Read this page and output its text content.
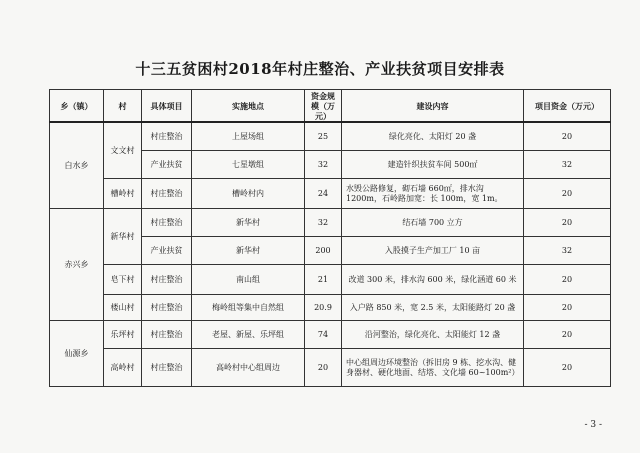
十三五贫困村2018年村庄整治、产业扶贫项目安排表
乡（镇）	村	具体项目	实施地点	资金规模（万元）	建设内容	项目资金（万元）
白水乡	文文村	村庄整治	上屋场组	25	绿化亮化、太阳灯 20 盏	20
		产业扶贫	七星墩组	32	建造针织扶贫车间 500㎡	32
	槽岭村	村庄整治	槽岭村内	24	水毁公路修复，砌石墙 660㎡，排水沟 1200m，石岭路加宽：长 100m，宽 1m。	20
赤兴乡	新华村	村庄整治	新华村	32	结石墙 700 立方	20
		产业扶贫	新华村	200	入股摸子生产加工厂 10 亩	32
	皂下村	村庄整治	南山组	21	改道 300 米，排水沟 600 米，绿化涵道 60 米	20
	楼山村	村庄整治	梅岭组等集中自然组	20.9	入户路 850 米，宽 2.5 米，太阳能路灯 20 盏	20
仙源乡	乐坪村	村庄整治	老屋、新屋、乐坪组	74	沿河整治，绿化亮化、太阳能灯 12 盏	20
	高岭村	村庄整治	高岭村中心组周边	20	中心组周边环境整治（拆旧房 9 栋、挖水沟、健身器材、硬化地面、结塔、文化墙 60~100m²）	20
- 3 -
